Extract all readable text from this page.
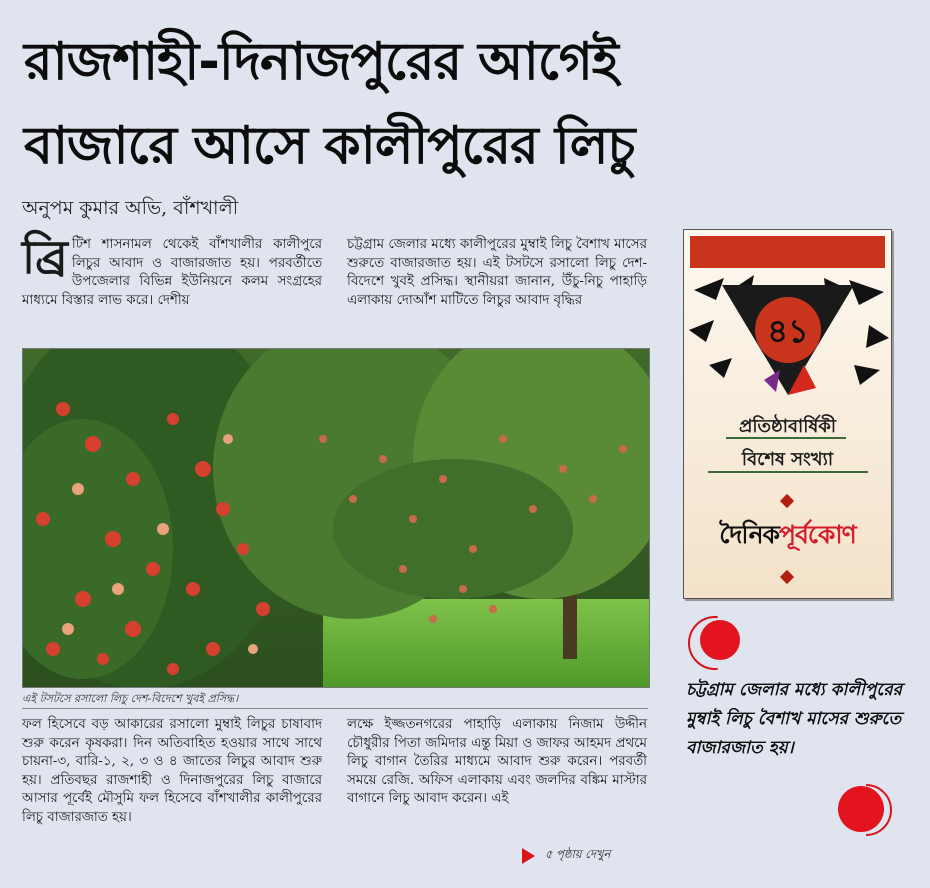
রাজশাহী-দিনাজপুরের আগেই
বাজারে আসে কালীপুরের লিচু
অনুপম কুমার অভি, বাঁশখালী
ব্রি টিশ শাসনামল থেকেই বাঁশখালীর কালীপুরে লিচুর আবাদ ও বাজারজাত হয়। পরবর্তীতে উপজেলার বিভিন্ন ইউনিয়নে কলম সংগ্রহের মাধ্যমে বিস্তার লাভ করে। দেশীয়
চট্টগ্রাম জেলার মধ্যে কালীপুরের মুম্বাই লিচু বৈশাখ মাসের শুরুতে বাজারজাত হয়। এই টসটসে রসালো লিচু দেশ-বিদেশে খুবই প্রসিদ্ধ। স্থানীয়রা জানান, উঁচু-নিচু পাহাড়ি এলাকায় দোআঁশ মাটিতে লিচুর আবাদ বৃদ্ধির
এই টসটসে রসালো লিচু দেশ-বিদেশে খুবই প্রসিদ্ধ।
ফল হিসেবে বড় আকারের রসালো মুম্বাই লিচুর চাষাবাদ শুরু করেন কৃষকরা। দিন অতিবাহিত হওয়ার সাথে সাথে চায়না-৩, বারি-১, ২, ৩ ও ৪ জাতের লিচুর আবাদ শুরু হয়। প্রতিবছর রাজশাহী ও দিনাজপুরের লিচু বাজারে আসার পূর্বেই মৌসুমি ফল হিসেবে বাঁশখালীর কালীপুরের লিচু বাজারজাত হয়।
লক্ষে ইজ্জতনগরের পাহাড়ি এলাকায় নিজাম উদ্দীন চৌধুরীর পিতা জমিদার এন্তু মিয়া ও জাফর আহমদ প্রথমে লিচু বাগান তৈরির মাধ্যমে আবাদ শুরু করেন। পরবর্তী সময়ে রেজি. অফিস এলাকায় এবং জলদির বঙ্কিম মাস্টার বাগানে লিচু আবাদ করেন। এই
৫ পৃষ্ঠায় দেখুন
৪১
প্রতিষ্ঠাবার্ষিকী
বিশেষ সংখ্যা
দৈনিকপূর্বকোণ
চট্টগ্রাম জেলার মধ্যে কালীপুরের মুম্বাই লিচু বৈশাখ মাসের শুরুতে বাজারজাত হয়।
